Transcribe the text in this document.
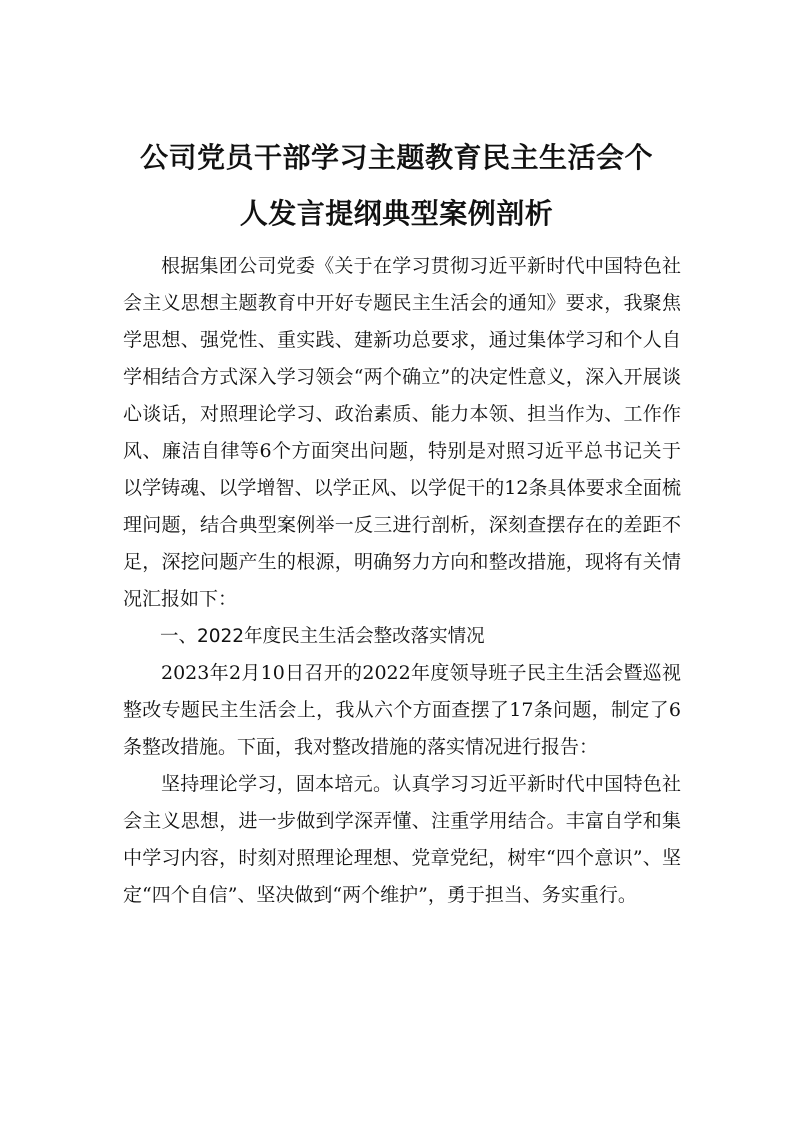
公司党员干部学习主题教育民主生活会个
人发言提纲典型案例剖析

根据集团公司党委《关于在学习贯彻习近平新时代中国特色社会主义思想主题教育中开好专题民主生活会的通知》要求，我聚焦学思想、强党性、重实践、建新功总要求，通过集体学习和个人自学相结合方式深入学习领会“两个确立”的决定性意义，深入开展谈心谈话，对照理论学习、政治素质、能力本领、担当作为、工作作风、廉洁自律等6个方面突出问题，特别是对照习近平总书记关于以学铸魂、以学增智、以学正风、以学促干的12条具体要求全面梳理问题，结合典型案例举一反三进行剖析，深刻查摆存在的差距不足，深挖问题产生的根源，明确努力方向和整改措施，现将有关情况汇报如下：

一、2022年度民主生活会整改落实情况

2023年2月10日召开的2022年度领导班子民主生活会暨巡视整改专题民主生活会上，我从六个方面查摆了17条问题，制定了6条整改措施。下面，我对整改措施的落实情况进行报告：

坚持理论学习，固本培元。认真学习习近平新时代中国特色社会主义思想，进一步做到学深弄懂、注重学用结合。丰富自学和集中学习内容，时刻对照理论理想、党章党纪，树牢“四个意识”、坚定“四个自信”、坚决做到“两个维护”，勇于担当、务实重行。
